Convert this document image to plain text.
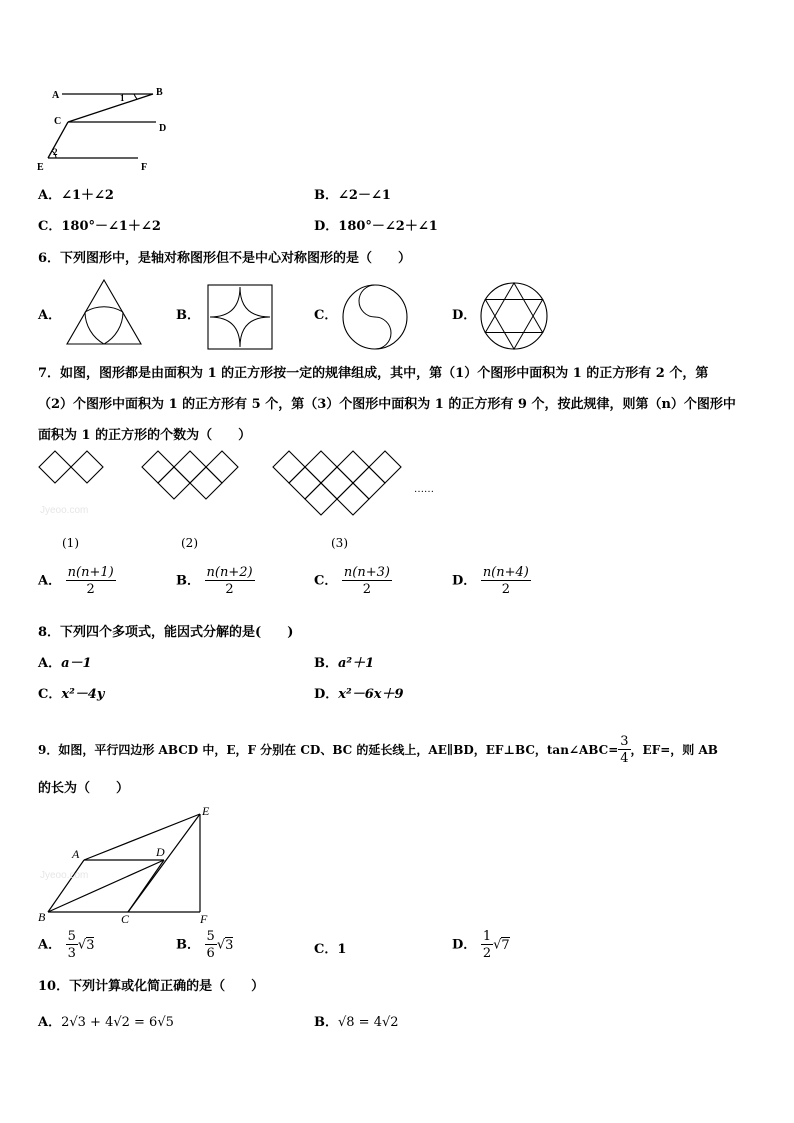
A	B
C
D
E	F
1
2
A．∠1＋∠2	B．∠2－∠1
C．180°－∠1＋∠2	D．180°－∠2＋∠1
6．下列图形中，是轴对称图形但不是中心对称图形的是（　　）
A．	B．	C．	D．
7．如图，图形都是由面积为 1 的正方形按一定的规律组成，其中，第（1）个图形中面积为 1 的正方形有 2 个，第
（2）个图形中面积为 1 的正方形有 5 个，第（3）个图形中面积为 1 的正方形有 9 个，按此规律，则第（n）个图形中
面积为 1 的正方形的个数为（　　）
……
Jyeoo.com
(1)	(2)	(3)
A． $\frac{n(n+1)}{2}$	B． $\frac{n(n+2)}{2}$	C． $\frac{n(n+3)}{2}$	D． $\frac{n(n+4)}{2}$
8．下列四个多项式，能因式分解的是(　　)
A．a－1	B．a²＋1
C．x²－4y	D．x²－6x＋9
9．如图，平行四边形 ABCD 中，E，F 分别在 CD、BC 的延长线上，AE∥BD，EF⊥BC，tan∠ABC= $\frac{3}{4}$ ，EF=，则 AB
的长为（　　）
A	D
E
B	C	F
Jyeoo.com
A． $\frac{5}{3} √3$	B． $\frac{5}{6} √3$	C．1	D． $\frac{1}{2} √7$
10．下列计算或化简正确的是（　　）
A．2√3 + 4√2 = 6√5	B．√8 = 4√2
